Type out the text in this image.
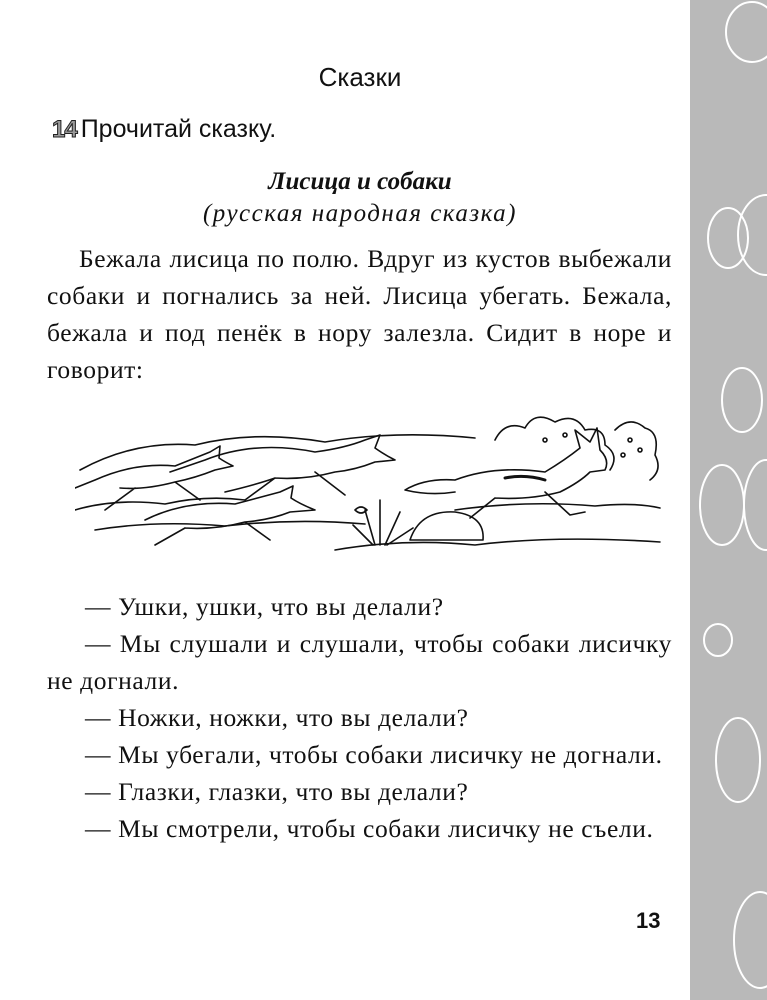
Сказки
14 Прочитай сказку.
Лисица и собаки
(русская народная сказка)

Бежала лисица по полю. Вдруг из кустов выбежали собаки и погнались за ней. Лисица убегать. Бежала, бежала и под пенёк в нору залезла. Сидит в норе и говорит:

— Ушки, ушки, что вы делали?

— Мы слушали и слушали, чтобы собаки лисичку не догнали.

— Ножки, ножки, что вы делали?

— Мы убегали, чтобы собаки лисичку не догнали.

— Глазки, глазки, что вы делали?

— Мы смотрели, чтобы собаки лисичку не съели.

13
